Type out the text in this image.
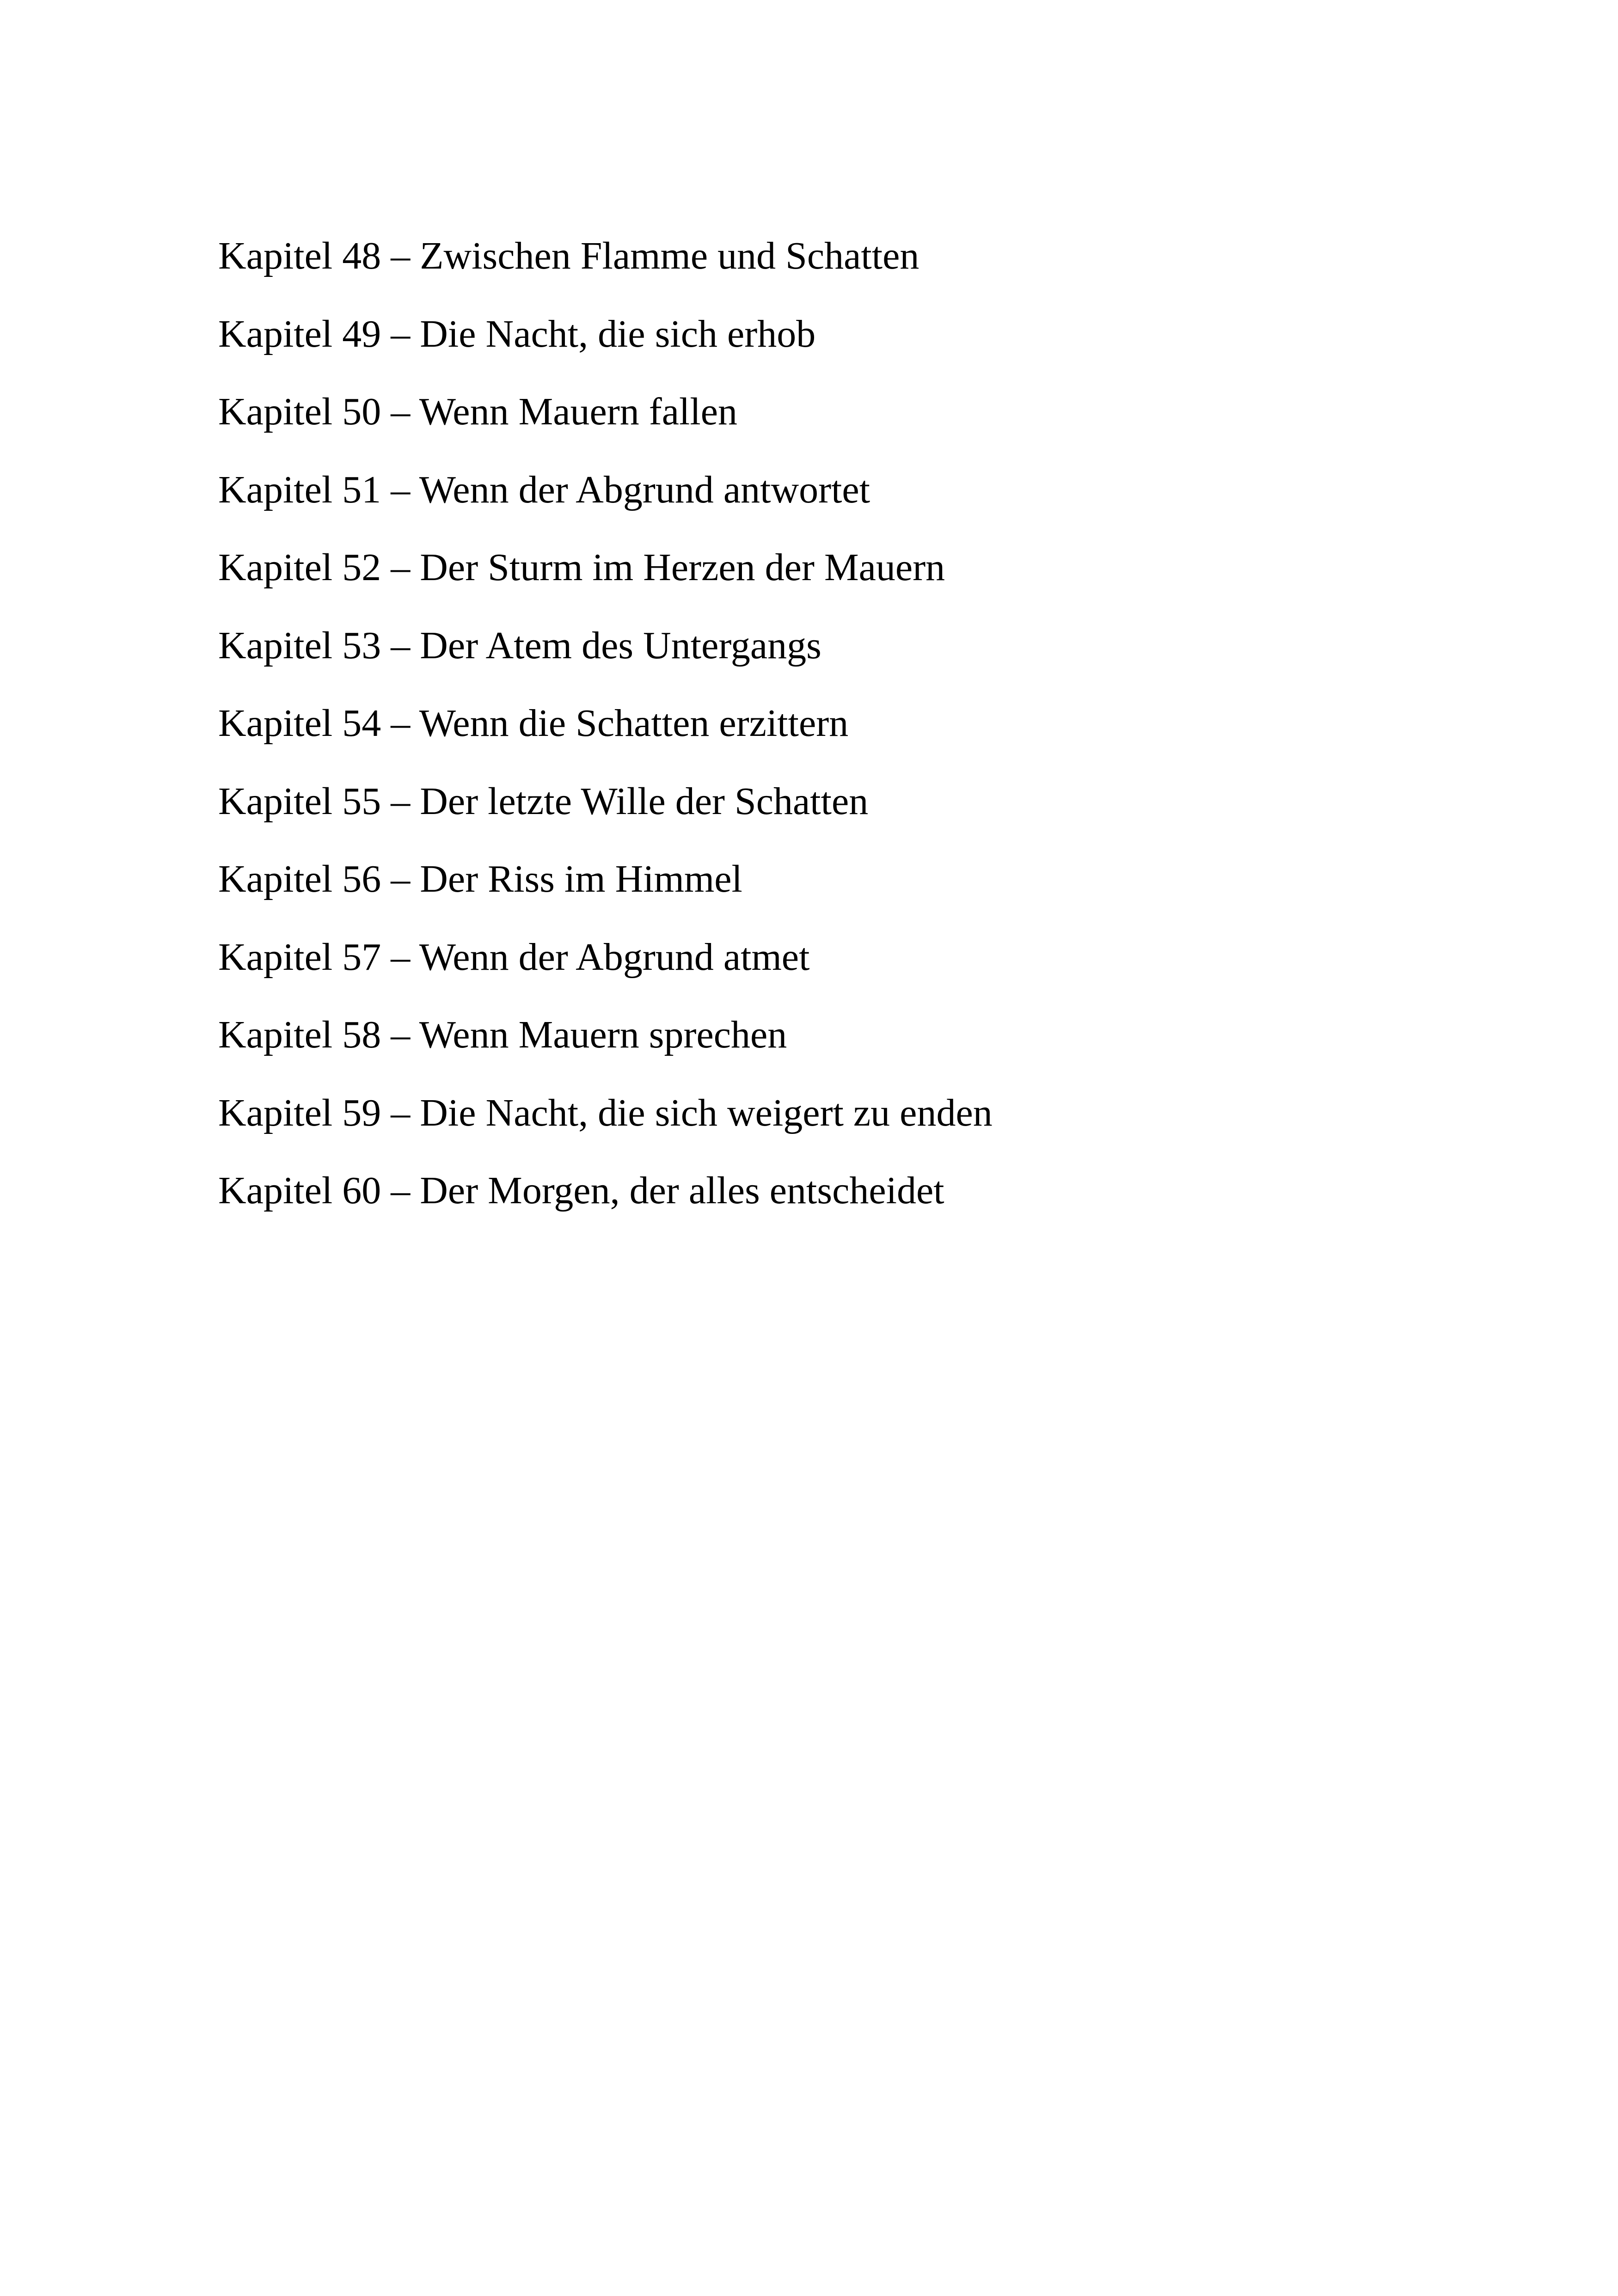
Kapitel 48 – Zwischen Flamme und Schatten
Kapitel 49 – Die Nacht, die sich erhob
Kapitel 50 – Wenn Mauern fallen
Kapitel 51 – Wenn der Abgrund antwortet
Kapitel 52 – Der Sturm im Herzen der Mauern
Kapitel 53 – Der Atem des Untergangs
Kapitel 54 – Wenn die Schatten erzittern
Kapitel 55 – Der letzte Wille der Schatten
Kapitel 56 – Der Riss im Himmel
Kapitel 57 – Wenn der Abgrund atmet
Kapitel 58 – Wenn Mauern sprechen
Kapitel 59 – Die Nacht, die sich weigert zu enden
Kapitel 60 – Der Morgen, der alles entscheidet
